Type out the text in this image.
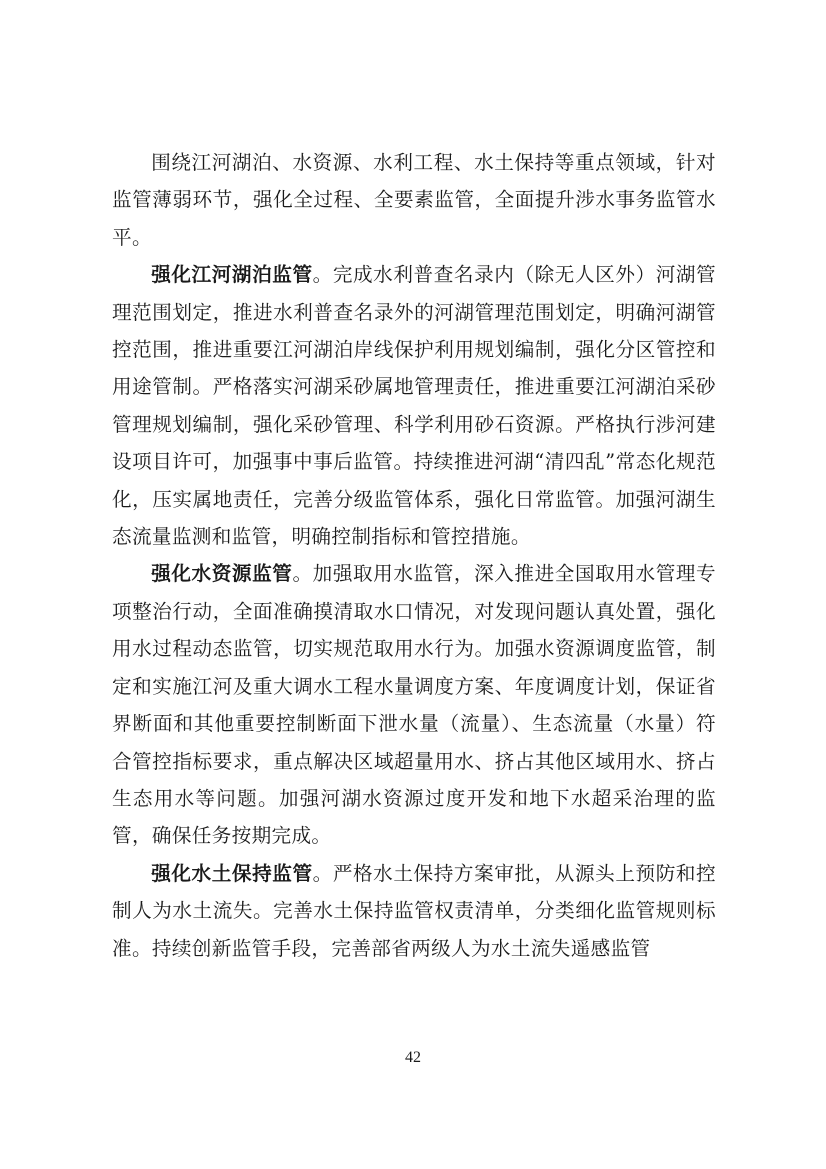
围绕江河湖泊、水资源、水利工程、水土保持等重点领域，针对监管薄弱环节，强化全过程、全要素监管，全面提升涉水事务监管水平。

强化江河湖泊监管。完成水利普查名录内（除无人区外）河湖管理范围划定，推进水利普查名录外的河湖管理范围划定，明确河湖管控范围，推进重要江河湖泊岸线保护利用规划编制，强化分区管控和用途管制。严格落实河湖采砂属地管理责任，推进重要江河湖泊采砂管理规划编制，强化采砂管理、科学利用砂石资源。严格执行涉河建设项目许可，加强事中事后监管。持续推进河湖“清四乱”常态化规范化，压实属地责任，完善分级监管体系，强化日常监管。加强河湖生态流量监测和监管，明确控制指标和管控措施。

强化水资源监管。加强取用水监管，深入推进全国取用水管理专项整治行动，全面准确摸清取水口情况，对发现问题认真处置，强化用水过程动态监管，切实规范取用水行为。加强水资源调度监管，制定和实施江河及重大调水工程水量调度方案、年度调度计划，保证省界断面和其他重要控制断面下泄水量（流量）、生态流量（水量）符合管控指标要求，重点解决区域超量用水、挤占其他区域用水、挤占生态用水等问题。加强河湖水资源过度开发和地下水超采治理的监管，确保任务按期完成。

强化水土保持监管。严格水土保持方案审批，从源头上预防和控制人为水土流失。完善水土保持监管权责清单，分类细化监管规则标准。持续创新监管手段，完善部省两级人为水土流失遥感监管

42
